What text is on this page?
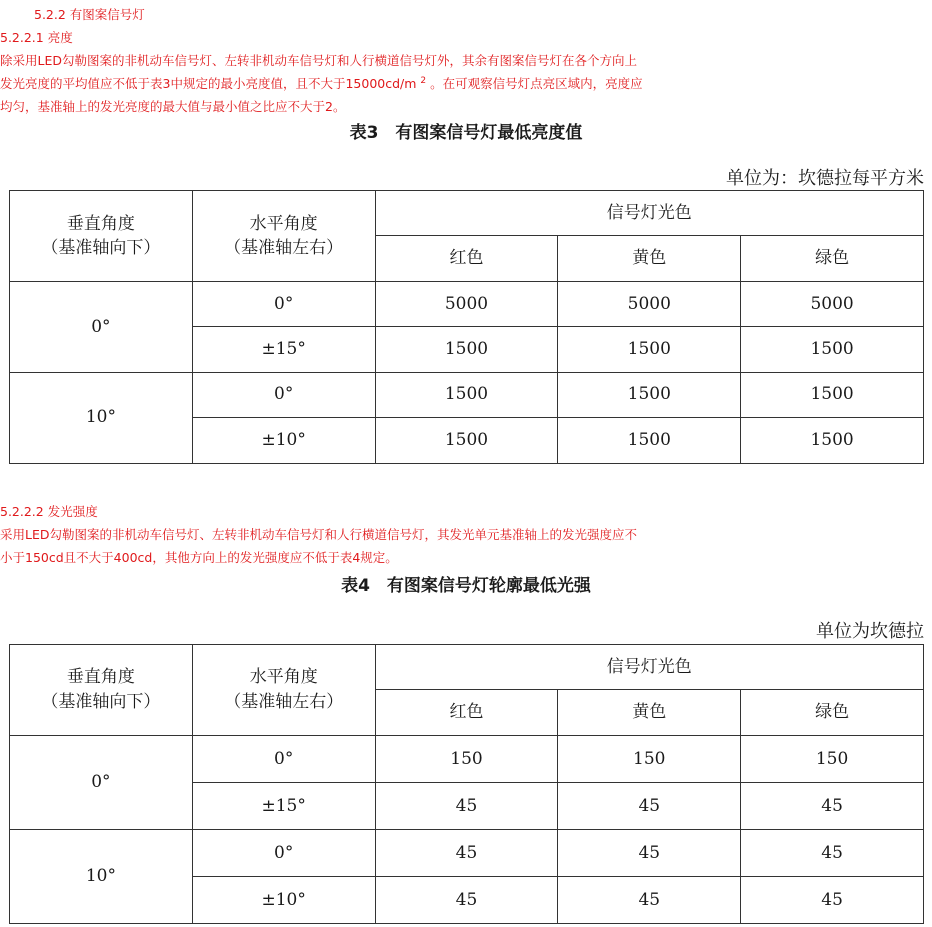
5.2.2 有图案信号灯
5.2.2.1 亮度
除采用LED勾勒图案的非机动车信号灯、左转非机动车信号灯和人行横道信号灯外，其余有图案信号灯在各个方向上
发光亮度的平均值应不低于表3中规定的最小亮度值，且不大于15000cd/m $^2$ 。在可观察信号灯点亮区域内，亮度应
均匀，基准轴上的发光亮度的最大值与最小值之比应不大于2。
表3　有图案信号灯最低亮度值
单位为：坎德拉每平方米
垂直角度
（基准轴向下）	水平角度
（基准轴左右）	信号灯光色		
		红色	黄色	绿色
0°	0°	5000	5000	5000
	±15°	1500	1500	1500
10°	0°	1500	1500	1500
	±10°	1500	1500	1500
5.2.2.2 发光强度
采用LED勾勒图案的非机动车信号灯、左转非机动车信号灯和人行横道信号灯，其发光单元基准轴上的发光强度应不
小于150cd且不大于400cd，其他方向上的发光强度应不低于表4规定。
表4　有图案信号灯轮廓最低光强
单位为坎德拉
垂直角度
（基准轴向下）	水平角度
（基准轴左右）	信号灯光色		
		红色	黄色	绿色
0°	0°	150	150	150
	±15°	45	45	45
10°	0°	45	45	45
	±10°	45	45	45
